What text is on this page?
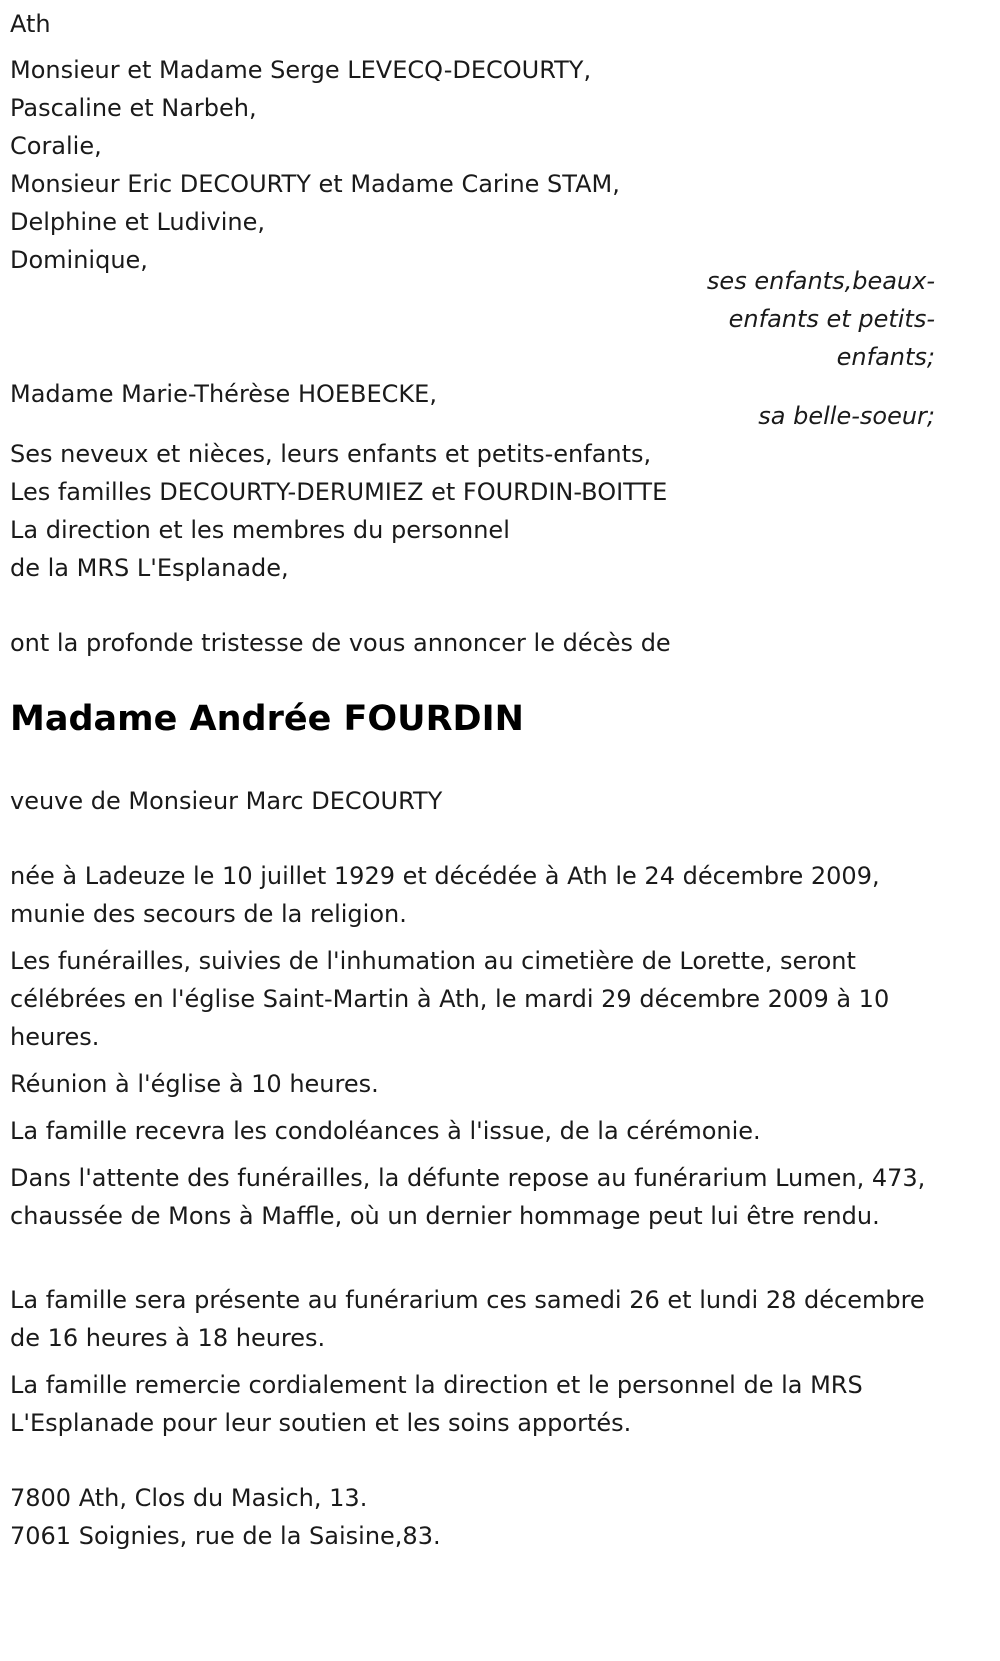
Ath
Monsieur et Madame Serge LEVECQ-DECOURTY,
Pascaline et Narbeh,
Coralie,
Monsieur Eric DECOURTY et Madame Carine STAM,
Delphine et Ludivine,
Dominique,
ses enfants,beaux-enfants et petits-enfants;
Madame Marie-Thérèse HOEBECKE,
sa belle-soeur;
Ses neveux et nièces, leurs enfants et petits-enfants,
Les familles DECOURTY-DERUMIEZ et FOURDIN-BOITTE
La direction et les membres du personnel
de la MRS L'Esplanade,
ont la profonde tristesse de vous annoncer le décès de
Madame Andrée FOURDIN
veuve de Monsieur Marc DECOURTY
née à Ladeuze le 10 juillet 1929 et décédée à Ath le 24 décembre 2009, munie des secours de la religion.
Les funérailles, suivies de l'inhumation au cimetière de Lorette, seront célébrées en l'église Saint-Martin à Ath, le mardi 29 décembre 2009 à 10 heures.
Réunion à l'église à 10 heures.
La famille recevra les condoléances à l'issue, de la cérémonie.
Dans l'attente des funérailles, la défunte repose au funérarium Lumen, 473, chaussée de Mons à Maffle, où un dernier hommage peut lui être rendu.
La famille sera présente au funérarium ces samedi 26 et lundi 28 décembre de 16 heures à 18 heures.
La famille remercie cordialement la direction et le personnel de la MRS L'Esplanade pour leur soutien et les soins apportés.
7800 Ath, Clos du Masich, 13.
7061 Soignies, rue de la Saisine,83.
